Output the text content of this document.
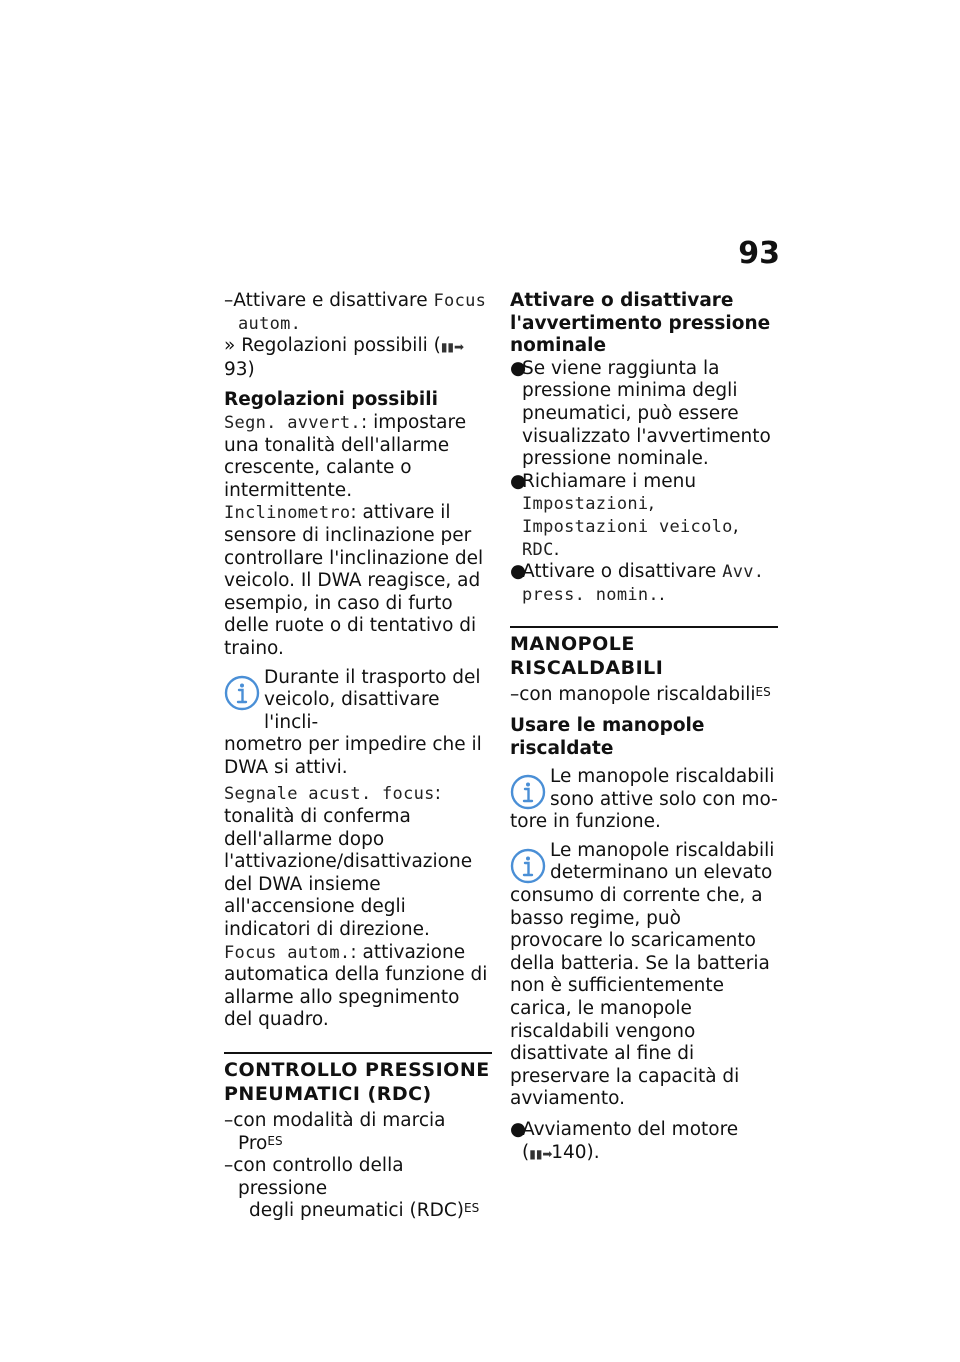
93

–Attivare e disattivare Focus autom.

» Regolazioni possibili (▮▮➡93)

Regolazioni possibili

Segn. avvert.: impostare una tonalità dell'allarme crescente, calante o intermittente.

Inclinometro: attivare il sensore di inclinazione per controllare l'inclinazione del veicolo. Il DWA reagisce, ad esempio, in caso di furto delle ruote o di tentativo di traino.

Durante il trasporto del veicolo, disattivare l'incli-
nometro per impedire che il DWA si attivi.

Segnale acust. focus: tonalità di conferma dell'allarme dopo l'attivazione/disattivazione del DWA insieme all'accensione degli indicatori di direzione.

Focus autom.: attivazione automatica della funzione di allarme allo spegnimento del quadro.

CONTROLLO PRESSIONE PNEUMATICI (RDC)

–con modalità di marcia Pro$^{ES}$

–con controllo della pressione
degli pneumatici (RDC)$^{ES}$

Attivare o disattivare l'avvertimento pressione nominale

●Se viene raggiunta la pressione minima degli pneumatici, può essere visualizzato l'avvertimento pressione nominale.

●Richiamare i menu Impostazioni, Impostazioni veicolo, RDC.

●Attivare o disattivare Avv. press. nomin..

MANOPOLE RISCALDABILI

–con manopole riscaldabili$^{ES}$

Usare le manopole riscaldate

Le manopole riscaldabili sono attive solo con mo-
tore in funzione.
Le manopole riscaldabili determinano un elevato
consumo di corrente che, a basso regime, può provocare lo scaricamento della batteria. Se la batteria non è sufficientemente carica, le manopole riscaldabili vengono disattivate al fine di preservare la capacità di avviamento.

●Avviamento del motore
(▮▮➡140).
